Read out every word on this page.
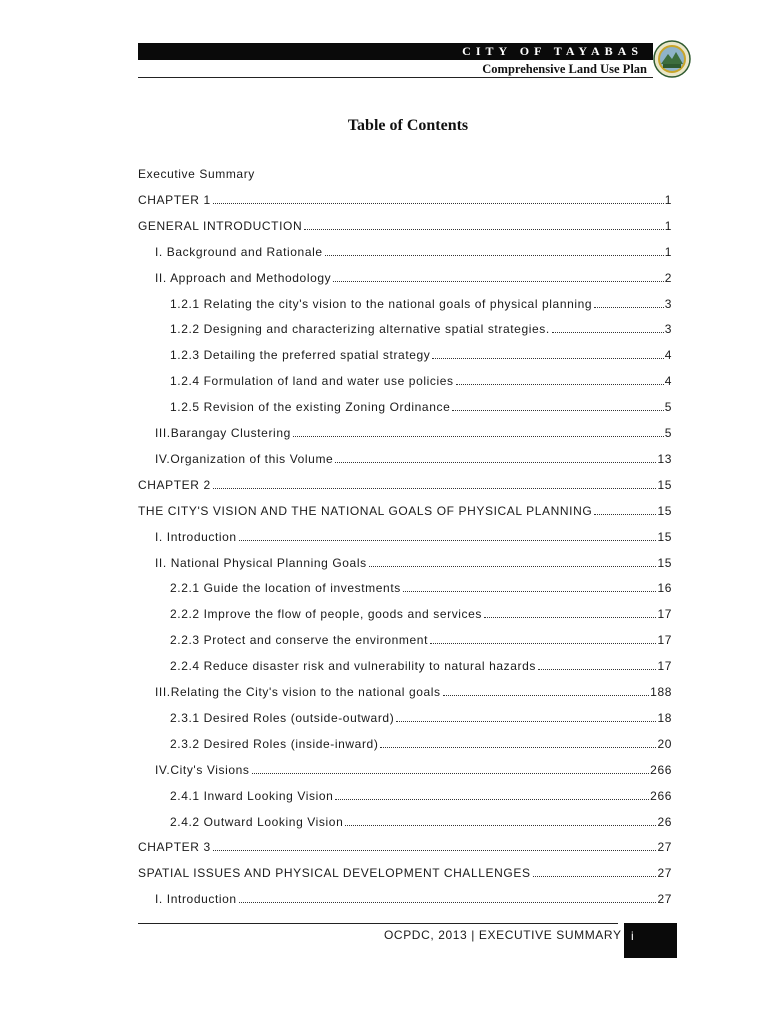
CITY OF TAYABAS
Comprehensive Land Use Plan
Table of Contents
Executive Summary
CHAPTER 1	1
GENERAL INTRODUCTION	1
I. Background and Rationale	1
II. Approach and Methodology	2
1.2.1 Relating the city's vision to the national goals of physical planning	3
1.2.2 Designing and characterizing alternative spatial strategies.	3
1.2.3 Detailing the preferred spatial strategy	4
1.2.4 Formulation of land and water use policies	4
1.2.5 Revision of the existing Zoning Ordinance	5
III.Barangay Clustering	5
IV.Organization of this Volume	13
CHAPTER 2	15
THE CITY'S VISION AND THE NATIONAL GOALS OF PHYSICAL PLANNING	15
I. Introduction	15
II. National Physical Planning Goals	15
2.2.1 Guide the location of investments	16
2.2.2 Improve the flow of people, goods and services	17
2.2.3 Protect and conserve the environment	17
2.2.4 Reduce disaster risk and vulnerability to natural hazards	17
III.Relating the City's vision to the national goals	188
2.3.1 Desired Roles (outside-outward)	18
2.3.2 Desired Roles (inside-inward)	20
IV.City's Visions	266
2.4.1 Inward Looking Vision	266
2.4.2 Outward Looking Vision	26
CHAPTER 3	27
SPATIAL ISSUES AND PHYSICAL DEVELOPMENT CHALLENGES	27
I. Introduction	27
OCPDC, 2013 | EXECUTIVE SUMMARY i
